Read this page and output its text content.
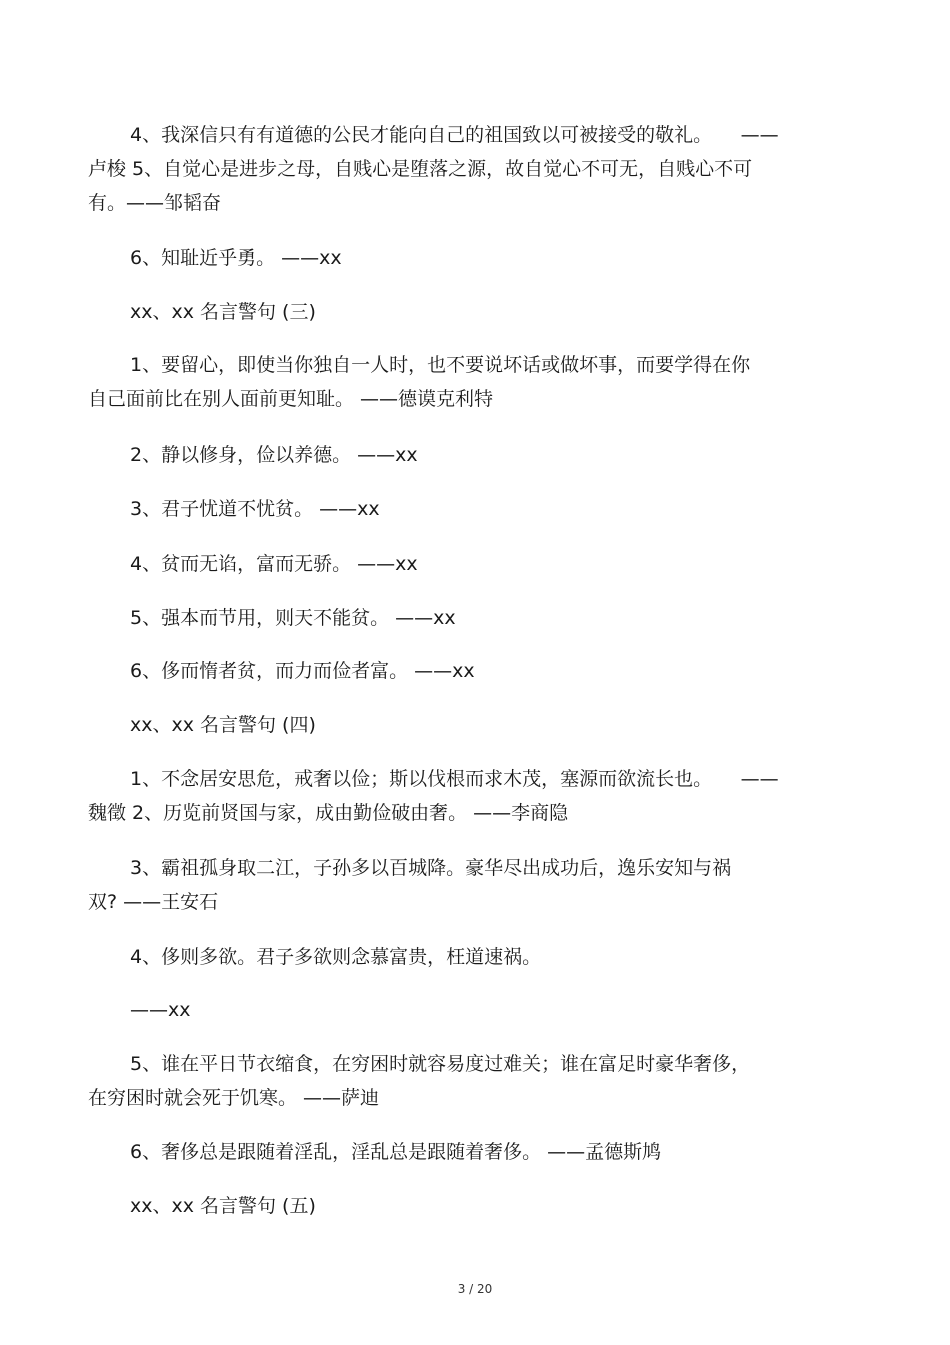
4、我深信只有有道德的公民才能向自己的祖国致以可被接受的敬礼。　　——
卢梭 5、自觉心是进步之母，自贱心是堕落之源，故自觉心不可无，自贱心不可
有。——邹韬奋
6、知耻近乎勇。 ——xx
xx、xx 名言警句 (三)
1、要留心，即使当你独自一人时，也不要说坏话或做坏事，而要学得在你
自己面前比在别人面前更知耻。 ——德谟克利特
2、静以修身，俭以养德。 ——xx
3、君子忧道不忧贫。 ——xx
4、贫而无谄，富而无骄。 ——xx
5、强本而节用，则天不能贫。 ——xx
6、侈而惰者贫，而力而俭者富。 ——xx
xx、xx 名言警句 (四)
1、不念居安思危，戒奢以俭；斯以伐根而求木茂，塞源而欲流长也。　　——
魏徵 2、历览前贤国与家，成由勤俭破由奢。 ——李商隐
3、霸祖孤身取二江，子孙多以百城降。豪华尽出成功后，逸乐安知与祸
双? ——王安石
4、侈则多欲。君子多欲则念慕富贵，枉道速祸。
——xx
5、谁在平日节衣缩食，在穷困时就容易度过难关；谁在富足时豪华奢侈，
在穷困时就会死于饥寒。 ——萨迪
6、奢侈总是跟随着淫乱，淫乱总是跟随着奢侈。 ——孟德斯鸠
xx、xx 名言警句 (五)
3 / 20
